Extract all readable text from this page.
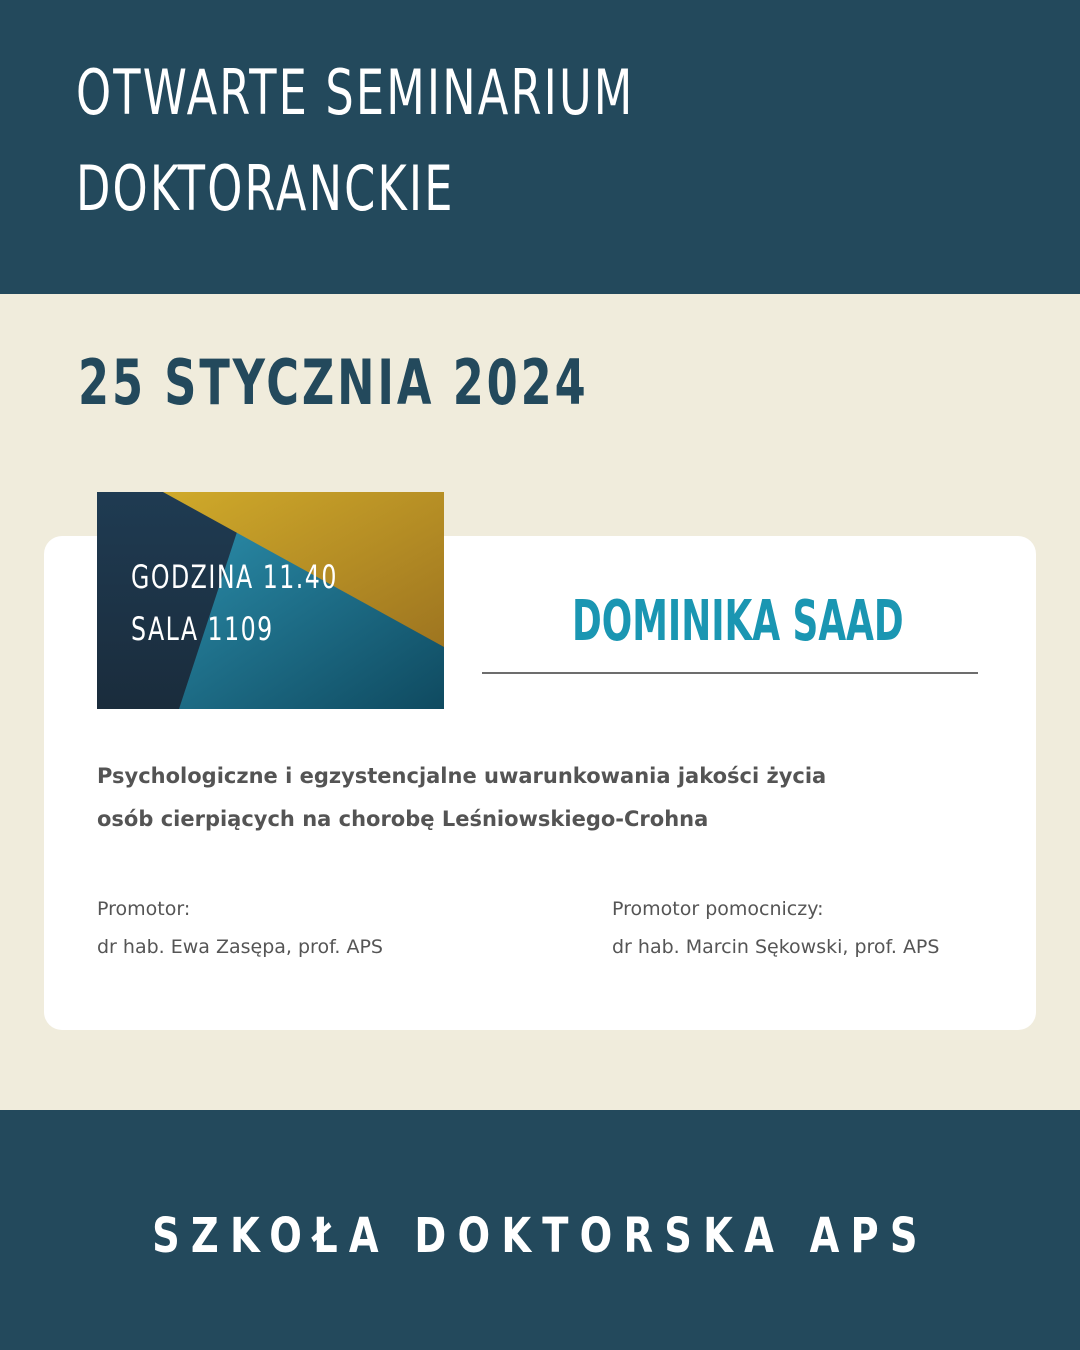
OTWARTE SEMINARIUM
DOKTORANCKIE
25 STYCZNIA 2024
GODZINA 11.40
SALA 1109	DOMINIKA SAAD
Psychologiczne i egzystencjalne uwarunkowania jakości życia
osób cierpiących na chorobę Leśniowskiego-Crohna
Promotor:
dr hab. Ewa Zasępa, prof. APS
Promotor pomocniczy:
dr hab. Marcin Sękowski, prof. APS
SZKOŁA DOKTORSKA APS
